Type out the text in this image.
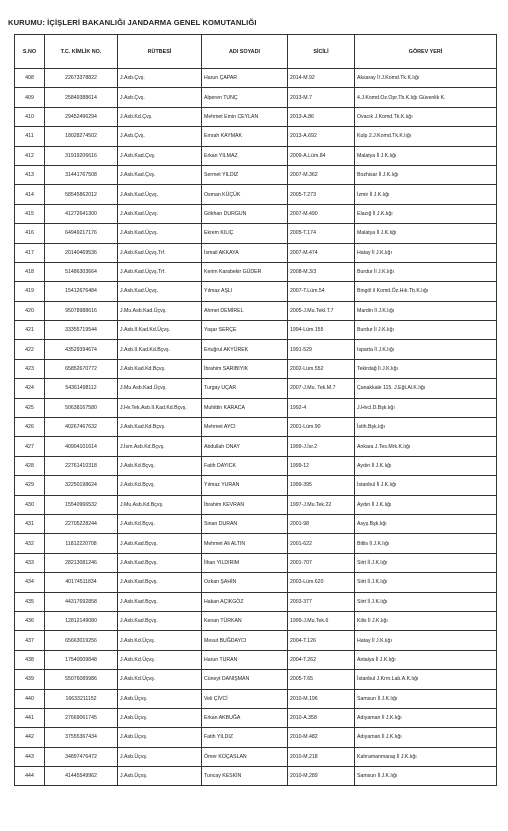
KURUMU: İÇİŞLERİ BAKANLIĞI JANDARMA GENEL KOMUTANLIĞI
S.NO	T.C. KİMLİK NO.	RÜTBESİ	ADI SOYADI	SİCİLİ	GÖREV YERİ
408	22673378822	J.Asb.Çvş.	Harun ÇAPAR	2014-M.92	Aksaray İl J.Komd.Tk.K.lığı
409	25849388614	J.Asb.Çvş.	Alperen TUNÇ	2013-M.7	4.J.Komd.Oz.Opr.Tb.K.lığı Güvenlik K.
410	29452496294	J.Asb.Kd.Çvş.	Mehmet Emin CEYLAN	2013-A.86	Ovacık J.Komd.Tk.K.lığı
411	18028274502	J.Asb.Çvş.	Emrah KAYMAK	2013-A.692	Kulp 2.J.Komd.Tk.K.lığı
412	31919206616	J.Asb.Kad.Çvş.	Erkan YILMAZ	2009-A.Lüm.84	Malatya İl J.K.lığı
413	31441767508	J.Asb.Kad.Çvş.	Sermet YILDIZ	2007-M.362	Bozhisar İl J.K.lığı
414	58545862012	J.Asb.Kad.Üçvş.	Osman KÜÇÜK	2005-T.273	İzmir İl J.K.lığı
415	41272641300	J.Asb.Kad.Üçvş.	Gökhan DURGUN	2007-M.490	Elazığ İl J.K.lığı
416	64949217176	J.Asb.Kad.Üçvş.	Ekrem KILIÇ	2005-T.174	Malatya İl J.K.lığı
417	20140469536	J.Asb.Kad.Üçvş.Trf.	İsmail AKKAYA	2007-M.474	Hatay İl J.K.lığı
418	51486303664	J.Asb.Kad.Üçvş.Trf.	Kerim Karabekir GÜDER	2008-M.3/3	Burdur İl J.K.lığı
419	15412676484	J.Asb.Kad.Üçvş.	Yılmaz AŞLI	2007-T.Lüm.54	Bingöl il Komd.Öz.Hık.Tb.K.lığı
420	95078988616	J.Mu.Asb.Kad.Üçvş.	Ahmet DEMİREL	2005-J.Mu.Tekl.T.7	Mardin İl J.K.lığı
421	33355719544	J.Asb.II.Kad.Kd.Üçvş.	Yaşar SERÇE	1994-Lüm.155	Burdur İl J.K.lığı
422	43529394674	J.Asb.II.Kad.Kd.Bçvş.	Ertuğrul AKYÜREK	1991-529	Isparta İl J.K.lığı
423	65852670772	J.Asb.Kad.Kd.Bçvş.	İbrahim SARIBIYIK	2002-Lüm.552	Tekirdağ İl J.K.lığı
424	54361498112	J.Mu.Asb.Kad.Üçvş.	Turgay UÇAR	2007-J.Mu. Tek.M.7	Çanakkale 115. J.Eğt.Al.K.lığı
425	50638167580	J.Hv.Tek.Asb.II.Kad.Kd.Bçvş.	Muhittin KARACA	1992-4	J.Hvcl.D.Bşk.lığı
426	40267467632	J.Asb.Kad.Kd.Bçvş.	Mehmet AYCI	2001-Lüm.90	İstih.Bşk.lığı
427	40904101614	J.İsm.Asb.Kd.Bçvş.	Abdullah ONAY	1999-J.İsr.2	Ankara J.Tes.Mrk.K.lığı
428	22761410318	J.Asb.Kd.Bçvş.	Fatih DAYICK	1999-12	Aydın İl J.K.lığı
429	32250198624	J.Asb.Kd.Bçvş.	Yılmaz YURAN	1999-395	İstanbul İl J.K.lığı
430	15540966532	J.Mu.Asb.Kd.Bçvş.	İbrahim KEVRAN	1997-J.Mu.Tek.22	Aydın İl J.K.lığı
431	22705228244	J.Asb.Kd.Bçvş.	Sinan DURAN	2001-98	Asyş.Bşk.lığı
432	11812220708	J.Asb.Kad.Bçvş.	Mehmet Ali ALTIN	2001-622	Bitlis İl J.K.lığı
433	28213081246	J.Asb.Kad.Bçvş.	İlhan YILDIRIM	2001-707	Siirt İl J.K.lığı
434	40174511834	J.Asb.Kad.Bçvş.	Ozkan ŞAHİN	2003-Lüm.620	Siirt İl J.K.lığı
435	44317692858	J.Asb.Kad.Bçvş.	Hakan AÇIKGÖZ	2003-377	Siirt İl J.K.lığı
436	12812149080	J.Asb.Kad.Bçvş.	Kenan TÜRKAN	1999-J.Mu.Tek.6	Kilis İl J.K.lığı
437	65663019256	J.Asb.Kd.Üçvş.	Mesut BUĞDAYCI	2004-T.126	Hatay İl J.K.lığı
438	17540009848	J.Asb.Kd.Üçvş.	Harun TURAN	2004-T.262	Antalya İl J.K.lığı
439	55076089986	J.Asb.Kd.Üçvş.	Cüneyt DANIŞMAN	2005-T.65	İstanbul J.Krm.Lab.A.K.lığı
440	16633211152	J.Asb.Üçvş.	Veli ÇİVCİ	2010-M.196	Samsun İl J.K.lığı
441	27669061745	J.Asb.Üçvş.	Erkan AKBUĞA	2010-A.358	Adıyaman İl J.K.lığı
442	37555367434	J.Asb.Üçvş.	Fatih YILDIZ	2010-M.482	Adıyaman İl J.K.lığı
443	34897476472	J.Asb.Üçvş.	Ömer KOÇASLAN	2010-M.218	Kahramanmaraş İl J.K.lığı
444	41445549962	J.Asb.Üçvş.	Tuncay KESKİN	2010-M.289	Samsun İl J.K.lığı
